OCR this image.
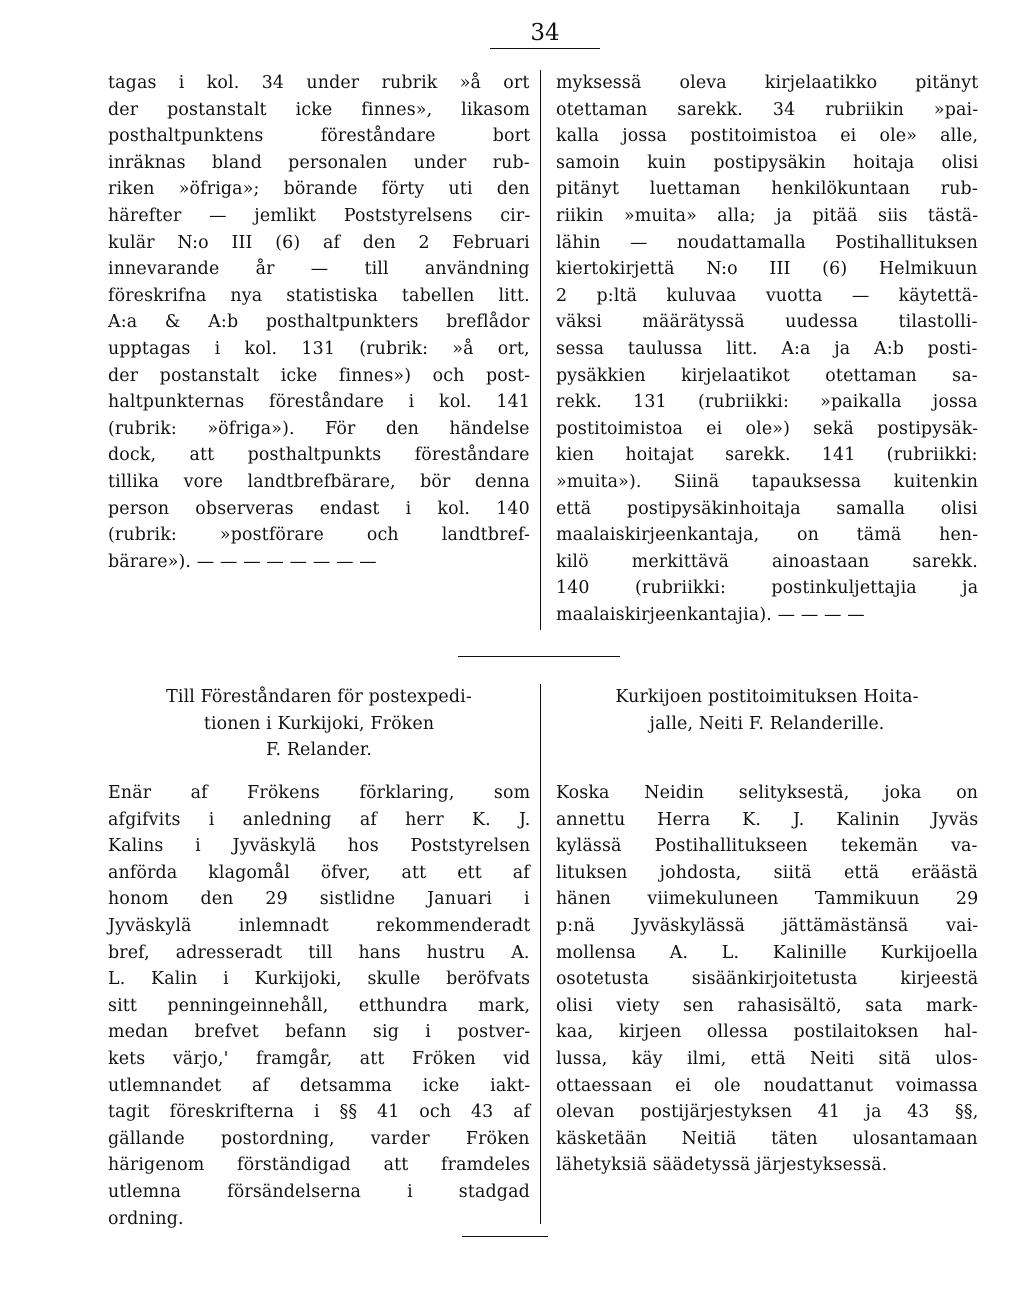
34
tagas i kol. 34 under rubrik »å ort
der postanstalt icke finnes», likasom
posthaltpunktens föreståndare bort
inräknas bland personalen under rub-
riken »öfriga»; börande förty uti den
härefter — jemlikt Poststyrelsens cir-
kulär N:o III (6) af den 2 Februari
innevarande år — till användning
föreskrifna nya statistiska tabellen litt.
A:a & A:b posthaltpunkters breflådor
upptagas i kol. 131 (rubrik: »å ort,
der postanstalt icke finnes») och post-
haltpunkternas föreståndare i kol. 141
(rubrik: »öfriga»). För den händelse
dock, att posthaltpunkts föreståndare
tillika vore landtbrefbärare, bör denna
person observeras endast i kol. 140
(rubrik: »postförare och landtbref-
bärare»). — — — — — — — —
myksessä oleva kirjelaatikko pitänyt
otettaman sarekk. 34 rubriikin »pai-
kalla jossa postitoimistoa ei ole» alle,
samoin kuin postipysäkin hoitaja olisi
pitänyt luettaman henkilökuntaan rub-
riikin »muita» alla; ja pitää siis tästä-
lähin — noudattamalla Postihallituksen
kiertokirjettä N:o III (6) Helmikuun
2 p:ltä kuluvaa vuotta — käytettä-
väksi määrätyssä uudessa tilastolli-
sessa taulussa litt. A:a ja A:b posti-
pysäkkien kirjelaatikot otettaman sa-
rekk. 131 (rubriikki: »paikalla jossa
postitoimistoa ei ole») sekä postipysäk-
kien hoitajat sarekk. 141 (rubriikki:
»muita»). Siinä tapauksessa kuitenkin
että postipysäkinhoitaja samalla olisi
maalaiskirjeenkantaja, on tämä hen-
kilö merkittävä ainoastaan sarekk.
140 (rubriikki: postinkuljettajia ja
maalaiskirjeenkantajia). — — — —
Till Föreståndaren för postexpedi-
tionen i Kurkijoki, Fröken
F. Relander.
Enär af Frökens förklaring, som
afgifvits i anledning af herr K. J.
Kalins i Jyväskylä hos Poststyrelsen
anförda klagomål öfver, att ett af
honom den 29 sistlidne Januari i
Jyväskylä inlemnadt rekommenderadt
bref, adresseradt till hans hustru A.
L. Kalin i Kurkijoki, skulle beröfvats
sitt penningeinnehåll, etthundra mark,
medan brefvet befann sig i postver-
kets värjo,' framgår, att Fröken vid
utlemnandet af detsamma icke iakt-
tagit föreskrifterna i §§ 41 och 43 af
gällande postordning, varder Fröken
härigenom förständigad att framdeles
utlemna försändelserna i stadgad
ordning.
Kurkijoen postitoimituksen Hoita-
jalle, Neiti F. Relanderille.
Koska Neidin selityksestä, joka on
annettu Herra K. J. Kalinin Jyväs
kylässä Postihallitukseen tekemän va-
lituksen johdosta, siitä että eräästä
hänen viimekuluneen Tammikuun 29
p:nä Jyväskylässä jättämästänsä vai-
mollensa A. L. Kalinille Kurkijoella
osotetusta sisäänkirjoitetusta kirjeestä
olisi viety sen rahasisältö, sata mark-
kaa, kirjeen ollessa postilaitoksen hal-
lussa, käy ilmi, että Neiti sitä ulos-
ottaessaan ei ole noudattanut voimassa
olevan postijärjestyksen 41 ja 43 §§,
käsketään Neitiä täten ulosantamaan
lähetyksiä säädetyssä järjestyksessä.
